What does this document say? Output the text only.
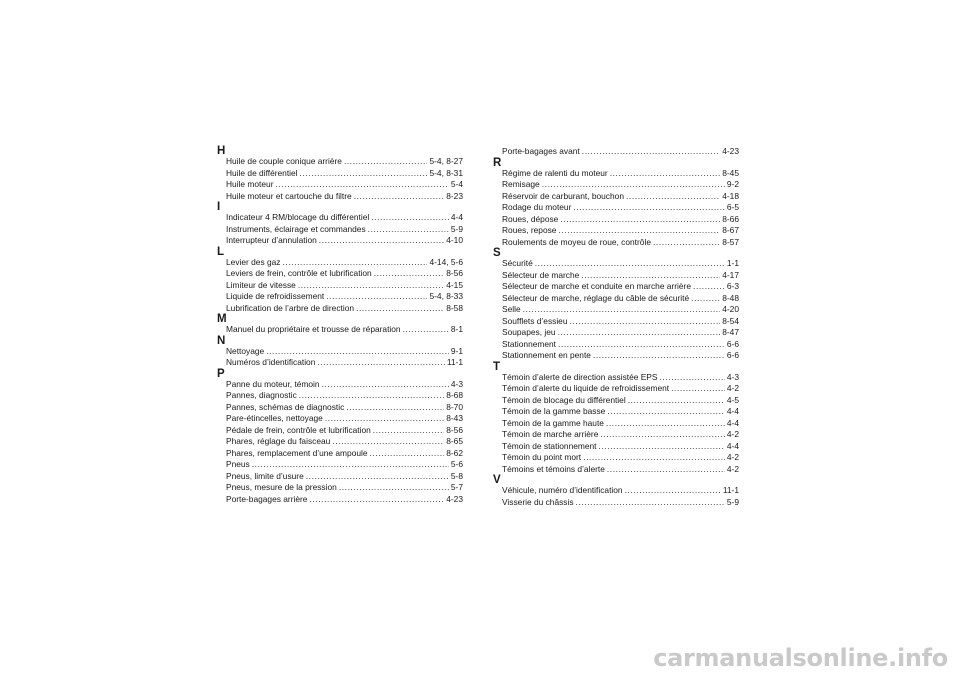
H
Huile de couple conique arrière .....	5-4, 8-27
Huile de différentiel .....	5-4, 8-31
Huile moteur .....	5-4
Huile moteur et cartouche du filtre .....	8-23
I
Indicateur 4 RM/blocage du différentiel .....	4-4
Instruments, éclairage et commandes .....	5-9
Interrupteur d’annulation .....	4-10
L
Levier des gaz .....	4-14, 5-6
Leviers de frein, contrôle et lubrification .....	8-56
Limiteur de vitesse .....	4-15
Liquide de refroidissement .....	5-4, 8-33
Lubrification de l’arbre de direction .....	8-58
M
Manuel du propriétaire et trousse de réparation .....	8-1
N
Nettoyage .....	9-1
Numéros d’identification .....	11-1
P
Panne du moteur, témoin .....	4-3
Pannes, diagnostic .....	8-68
Pannes, schémas de diagnostic .....	8-70
Pare-étincelles, nettoyage .....	8-43
Pédale de frein, contrôle et lubrification .....	8-56
Phares, réglage du faisceau .....	8-65
Phares, remplacement d’une ampoule .....	8-62
Pneus .....	5-6
Pneus, limite d’usure .....	5-8
Pneus, mesure de la pression .....	5-7
Porte-bagages arrière .....	4-23
Porte-bagages avant .....	4-23
R
Régime de ralenti du moteur .....	8-45
Remisage .....	9-2
Réservoir de carburant, bouchon .....	4-18
Rodage du moteur .....	6-5
Roues, dépose .....	8-66
Roues, repose .....	8-67
Roulements de moyeu de roue, contrôle .....	8-57
S
Sécurité .....	1-1
Sélecteur de marche .....	4-17
Sélecteur de marche et conduite en marche arrière .....	6-3
Sélecteur de marche, réglage du câble de sécurité .....	8-48
Selle .....	4-20
Soufflets d’essieu .....	8-54
Soupapes, jeu .....	8-47
Stationnement .....	6-6
Stationnement en pente .....	6-6
T
Témoin d’alerte de direction assistée EPS .....	4-3
Témoin d’alerte du liquide de refroidissement .....	4-2
Témoin de blocage du différentiel .....	4-5
Témoin de la gamme basse .....	4-4
Témoin de la gamme haute .....	4-4
Témoin de marche arrière .....	4-2
Témoin de stationnement .....	4-4
Témoin du point mort .....	4-2
Témoins et témoins d’alerte .....	4-2
V
Véhicule, numéro d’identification .....	11-1
Visserie du châssis .....	5-9
carmanualsonline.info
